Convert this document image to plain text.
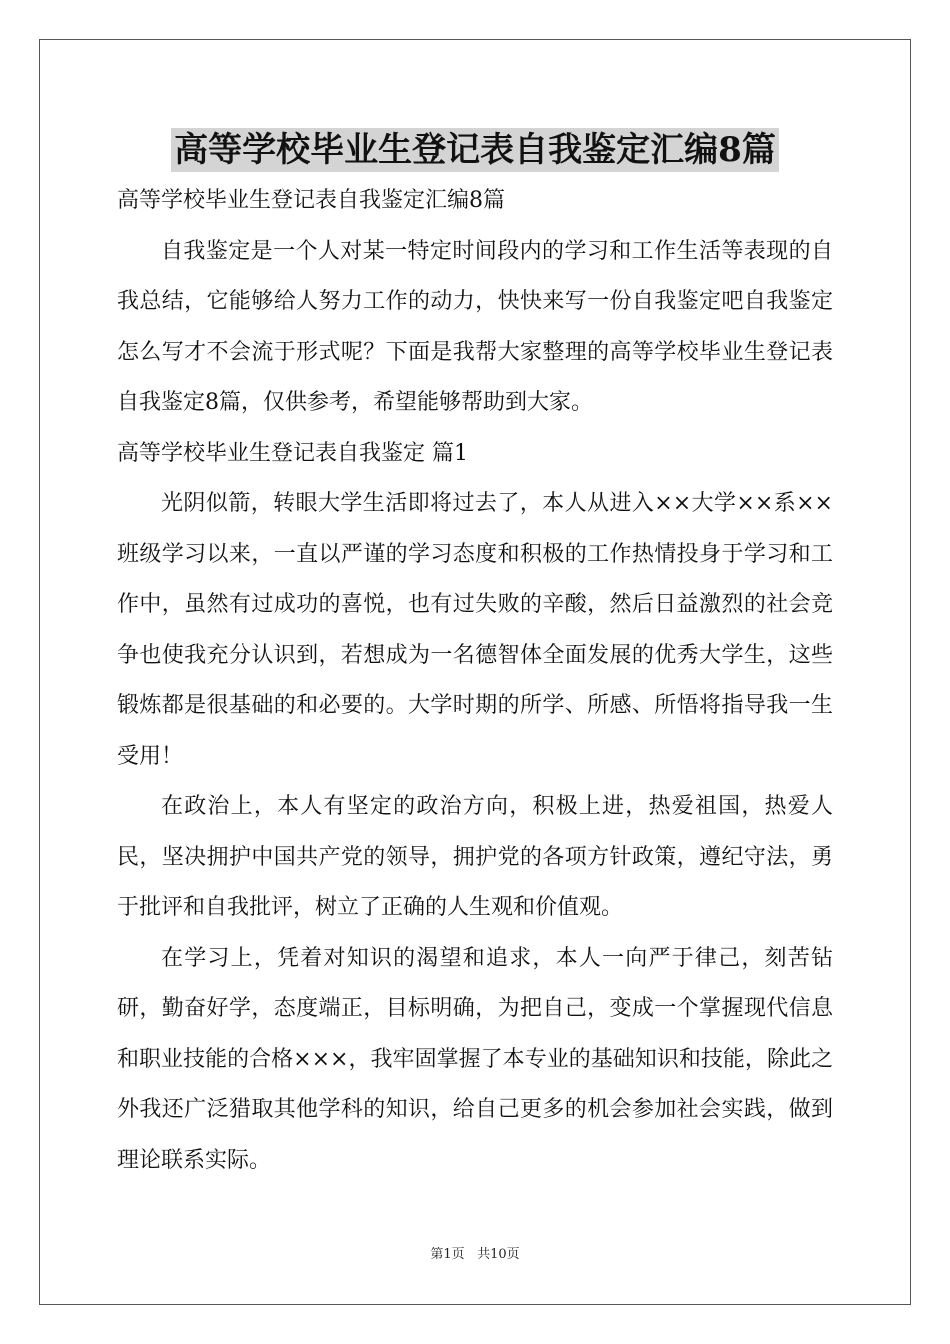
高等学校毕业生登记表自我鉴定汇编8篇

高等学校毕业生登记表自我鉴定汇编8篇

自我鉴定是一个人对某一特定时间段内的学习和工作生活等表现的自我总结，它能够给人努力工作的动力，快快来写一份自我鉴定吧自我鉴定怎么写才不会流于形式呢？下面是我帮大家整理的高等学校毕业生登记表自我鉴定8篇，仅供参考，希望能够帮助到大家。

高等学校毕业生登记表自我鉴定 篇1

光阴似箭，转眼大学生活即将过去了，本人从进入××大学××系××班级学习以来，一直以严谨的学习态度和积极的工作热情投身于学习和工作中，虽然有过成功的喜悦，也有过失败的辛酸，然后日益激烈的社会竞争也使我充分认识到，若想成为一名德智体全面发展的优秀大学生，这些锻炼都是很基础的和必要的。大学时期的所学、所感、所悟将指导我一生受用！

在政治上，本人有坚定的政治方向，积极上进，热爱祖国，热爱人民，坚决拥护中国共产党的领导，拥护党的各项方针政策，遵纪守法，勇于批评和自我批评，树立了正确的人生观和价值观。

在学习上，凭着对知识的渴望和追求，本人一向严于律己，刻苦钻研，勤奋好学，态度端正，目标明确，为把自己，变成一个掌握现代信息和职业技能的合格×××，我牢固掌握了本专业的基础知识和技能，除此之外我还广泛猎取其他学科的知识，给自己更多的机会参加社会实践，做到理论联系实际。

第1页 共10页
